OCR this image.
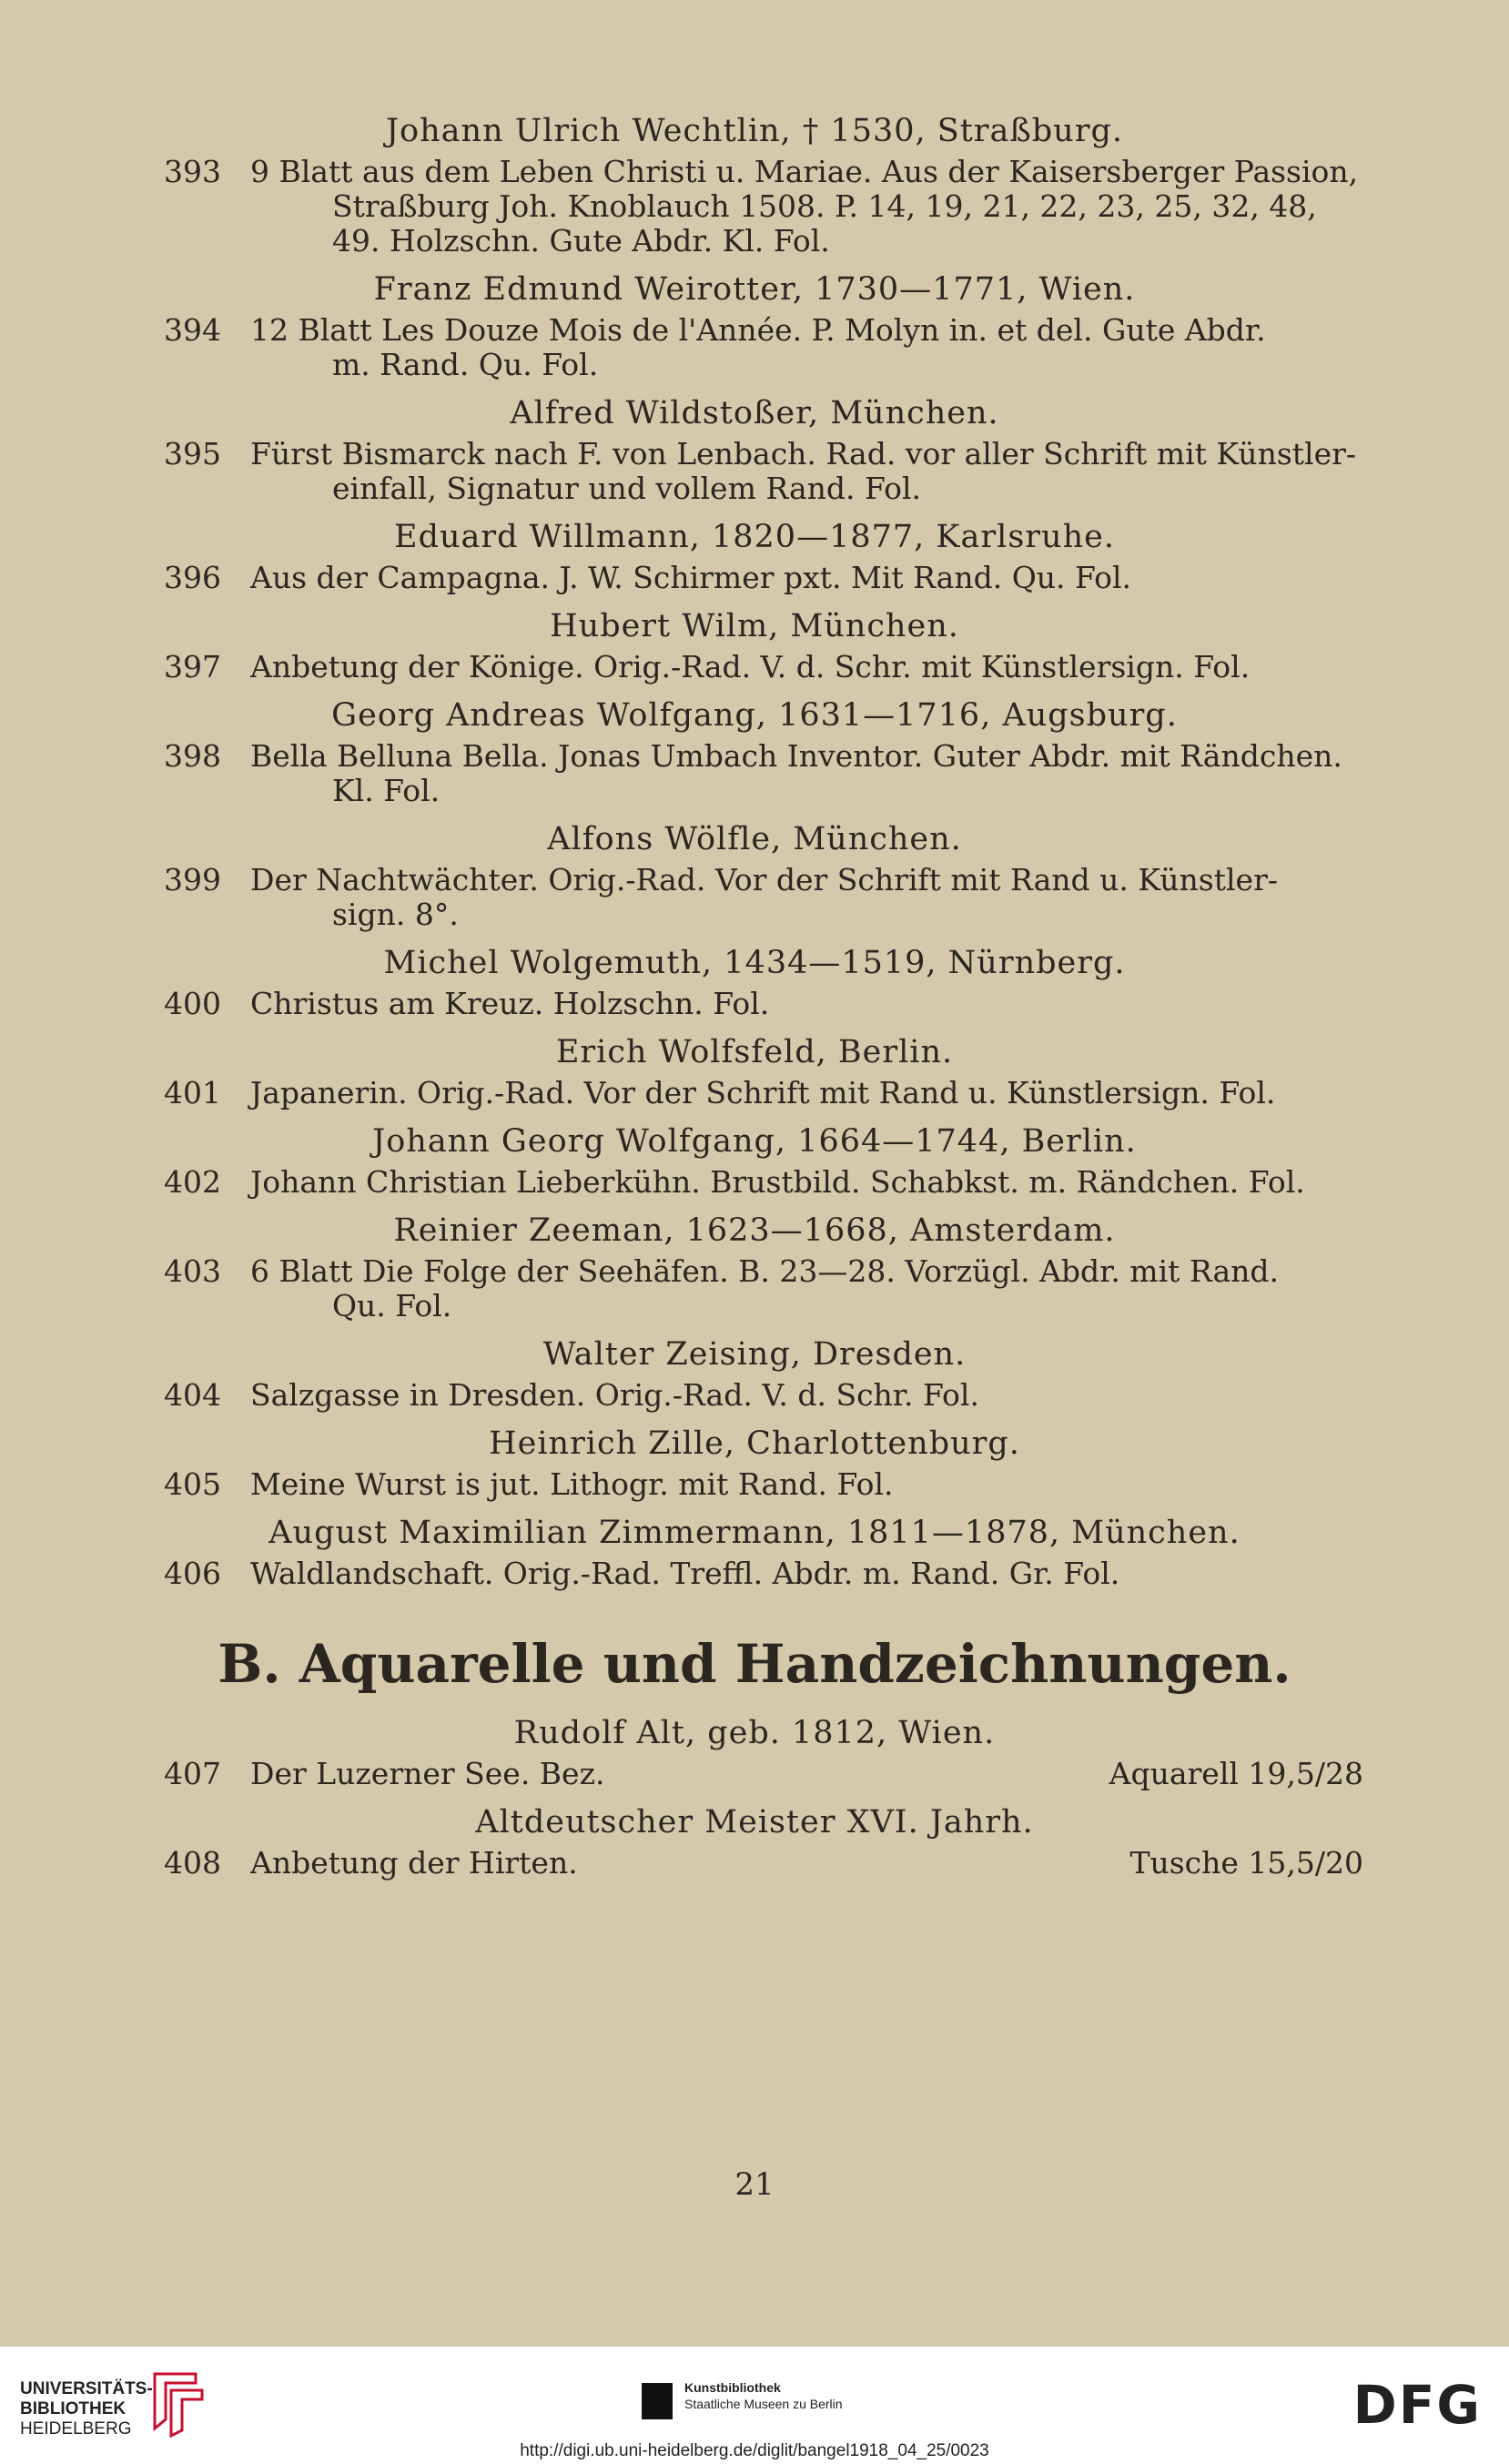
Johann Ulrich Wechtlin, † 1530, Straßburg.
393 9 Blatt aus dem Leben Christi u. Mariae. Aus der Kaisersberger Passion,
Straßburg Joh. Knoblauch 1508. P. 14, 19, 21, 22, 23, 25, 32, 48,
49. Holzschn. Gute Abdr. Kl. Fol.
Franz Edmund Weirotter, 1730—1771, Wien.
394 12 Blatt Les Douze Mois de l'Année. P. Molyn in. et del. Gute Abdr.
m. Rand. Qu. Fol.
Alfred Wildstoßer, München.
395 Fürst Bismarck nach F. von Lenbach. Rad. vor aller Schrift mit Künstler-
einfall, Signatur und vollem Rand. Fol.
Eduard Willmann, 1820—1877, Karlsruhe.
396 Aus der Campagna. J. W. Schirmer pxt. Mit Rand. Qu. Fol.
Hubert Wilm, München.
397 Anbetung der Könige. Orig.-Rad. V. d. Schr. mit Künstlersign. Fol.
Georg Andreas Wolfgang, 1631—1716, Augsburg.
398 Bella Belluna Bella. Jonas Umbach Inventor. Guter Abdr. mit Rändchen.
Kl. Fol.
Alfons Wölfle, München.
399 Der Nachtwächter. Orig.-Rad. Vor der Schrift mit Rand u. Künstler-
sign. 8°.
Michel Wolgemuth, 1434—1519, Nürnberg.
400 Christus am Kreuz. Holzschn. Fol.
Erich Wolfsfeld, Berlin.
401 Japanerin. Orig.-Rad. Vor der Schrift mit Rand u. Künstlersign. Fol.
Johann Georg Wolfgang, 1664—1744, Berlin.
402 Johann Christian Lieberkühn. Brustbild. Schabkst. m. Rändchen. Fol.
Reinier Zeeman, 1623—1668, Amsterdam.
403 6 Blatt Die Folge der Seehäfen. B. 23—28. Vorzügl. Abdr. mit Rand.
Qu. Fol.
Walter Zeising, Dresden.
404 Salzgasse in Dresden. Orig.-Rad. V. d. Schr. Fol.
Heinrich Zille, Charlottenburg.
405 Meine Wurst is jut. Lithogr. mit Rand. Fol.
August Maximilian Zimmermann, 1811—1878, München.
406 Waldlandschaft. Orig.-Rad. Treffl. Abdr. m. Rand. Gr. Fol.
B. Aquarelle und Handzeichnungen.
Rudolf Alt, geb. 1812, Wien.
407 Der Luzerner See. Bez.	Aquarell 19,5/28
Altdeutscher Meister XVI. Jahrh.
408 Anbetung der Hirten.	Tusche 15,5/20
21
UNIVERSITÄTS-
BIBLIOTHEK
HEIDELBERG
Kunstbibliothek
Staatliche Museen zu Berlin	DFG
http://digi.ub.uni-heidelberg.de/diglit/bangel1918_04_25/0023
